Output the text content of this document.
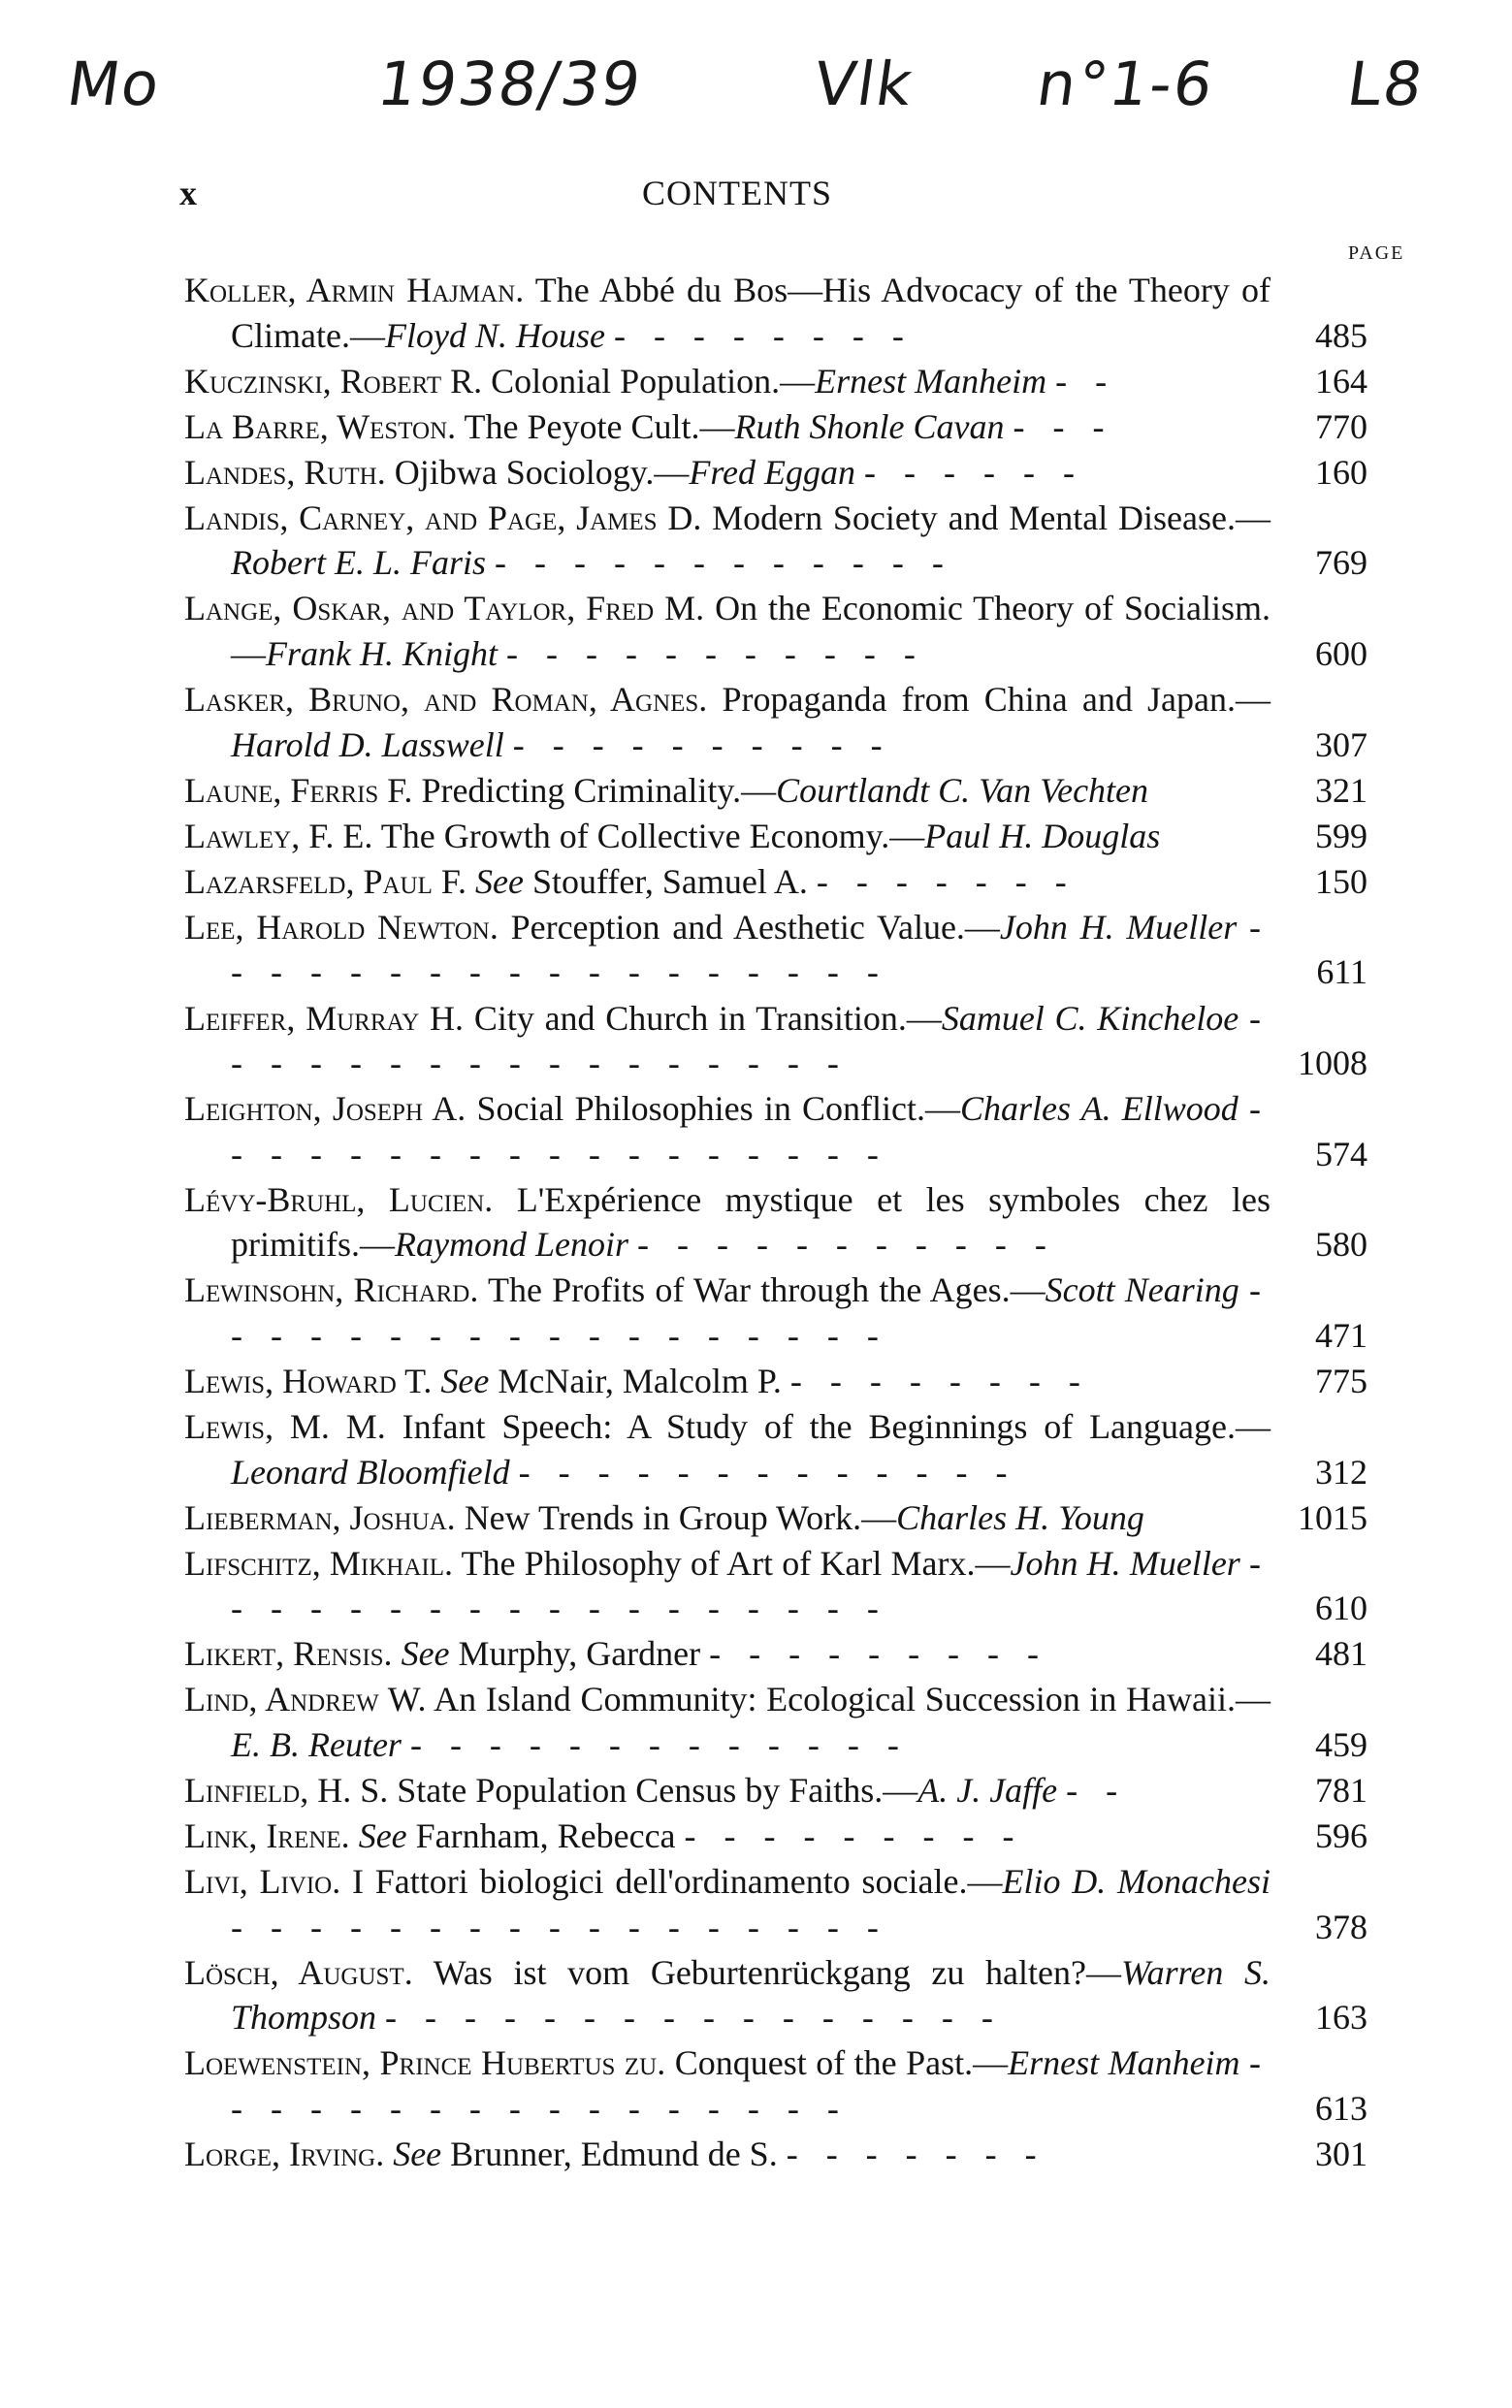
Mo	1938/39	Vlk n°1-6 L8
x	CONTENTS
PAGE
Koller, Armin Hajman. The Abbé du Bos—His Advocacy of the Theory of Climate.—Floyd N. House - - - - - - - -	485
Kuczinski, Robert R. Colonial Population.—Ernest Manheim - -	164
La Barre, Weston. The Peyote Cult.—Ruth Shonle Cavan - - -	770
Landes, Ruth. Ojibwa Sociology.—Fred Eggan - - - - - -	160
Landis, Carney, and Page, James D. Modern Society and Mental Disease.—Robert E. L. Faris - - - - - - - - - - - -	769
Lange, Oskar, and Taylor, Fred M. On the Economic Theory of Socialism.—Frank H. Knight - - - - - - - - - - -	600
Lasker, Bruno, and Roman, Agnes. Propaganda from China and Japan.—Harold D. Lasswell - - - - - - - - - -	307
Laune, Ferris F. Predicting Criminality.—Courtlandt C. Van Vechten	321
Lawley, F. E. The Growth of Collective Economy.—Paul H. Douglas	599
Lazarsfeld, Paul F. See Stouffer, Samuel A. - - - - - - -	150
Lee, Harold Newton. Perception and Aesthetic Value.—John H. Mueller - - - - - - - - - - - - - - - - - -	611
Leiffer, Murray H. City and Church in Transition.—Samuel C. Kincheloe - - - - - - - - - - - - - - - - -	1008
Leighton, Joseph A. Social Philosophies in Conflict.—Charles A. Ellwood - - - - - - - - - - - - - - - - - -	574
Lévy-Bruhl, Lucien. L'Expérience mystique et les symboles chez les primitifs.—Raymond Lenoir - - - - - - - - - - -	580
Lewinsohn, Richard. The Profits of War through the Ages.—Scott Nearing - - - - - - - - - - - - - - - - - -	471
Lewis, Howard T. See McNair, Malcolm P. - - - - - - - -	775
Lewis, M. M. Infant Speech: A Study of the Beginnings of Language.—Leonard Bloomfield - - - - - - - - - - - - -	312
Lieberman, Joshua. New Trends in Group Work.—Charles H. Young	1015
Lifschitz, Mikhail. The Philosophy of Art of Karl Marx.—John H. Mueller - - - - - - - - - - - - - - - - - -	610
Likert, Rensis. See Murphy, Gardner - - - - - - - - -	481
Lind, Andrew W. An Island Community: Ecological Succession in Hawaii.—E. B. Reuter - - - - - - - - - - - - -	459
Linfield, H. S. State Population Census by Faiths.—A. J. Jaffe - -	781
Link, Irene. See Farnham, Rebecca - - - - - - - - -	596
Livi, Livio. I Fattori biologici dell'ordinamento sociale.—Elio D. Monachesi - - - - - - - - - - - - - - - - -	378
Lösch, August. Was ist vom Geburtenrückgang zu halten?—Warren S. Thompson - - - - - - - - - - - - - - - -	163
Loewenstein, Prince Hubertus zu. Conquest of the Past.—Ernest Manheim - - - - - - - - - - - - - - - - -	613
Lorge, Irving. See Brunner, Edmund de S. - - - - - - -	301
